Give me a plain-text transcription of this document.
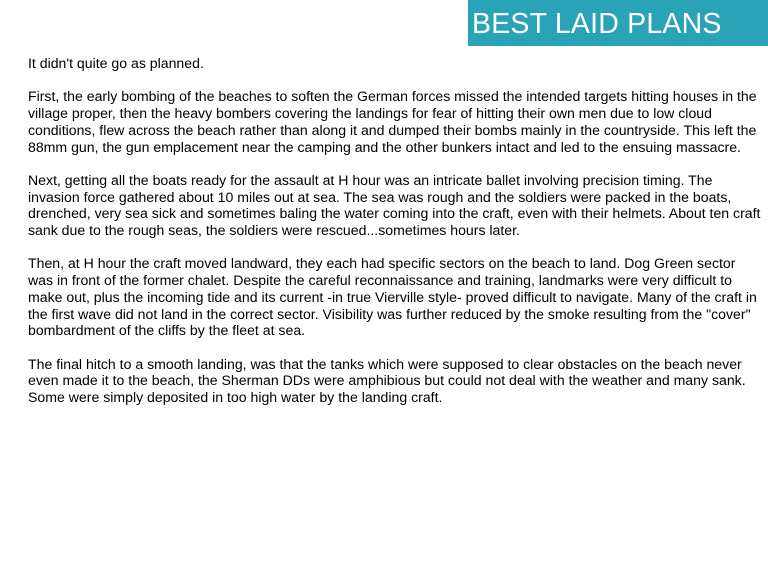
BEST LAID PLANS

It didn't quite go as planned.

First, the early bombing of the beaches to soften the German forces missed the intended targets hitting houses in the village proper, then the heavy bombers covering the landings for fear of hitting their own men due to low cloud conditions, flew across the beach rather than along it and dumped their bombs mainly in the countryside. This left the 88mm gun, the gun emplacement near the camping and the other bunkers intact and led to the ensuing massacre.

Next, getting all the boats ready for the assault at H hour was an intricate ballet involving precision timing. The invasion force gathered about 10 miles out at sea. The sea was rough and the soldiers were packed in the boats, drenched, very sea sick and sometimes baling the water coming into the craft, even with their helmets. About ten craft sank due to the rough seas, the soldiers were rescued...sometimes hours later.

Then, at H hour the craft moved landward, they each had specific sectors on the beach to land. Dog Green sector was in front of the former chalet. Despite the careful reconnaissance and training, landmarks were very difficult to make out, plus the incoming tide and its current -in true Vierville style- proved difficult to navigate. Many of the craft in the first wave did not land in the correct sector. Visibility was further reduced by the smoke resulting from the "cover" bombardment of the cliffs by the fleet at sea.

The final hitch to a smooth landing, was that the tanks which were supposed to clear obstacles on the beach never even made it to the beach, the Sherman DDs were amphibious but could not deal with the weather and many sank. Some were simply deposited in too high water by the landing craft.
